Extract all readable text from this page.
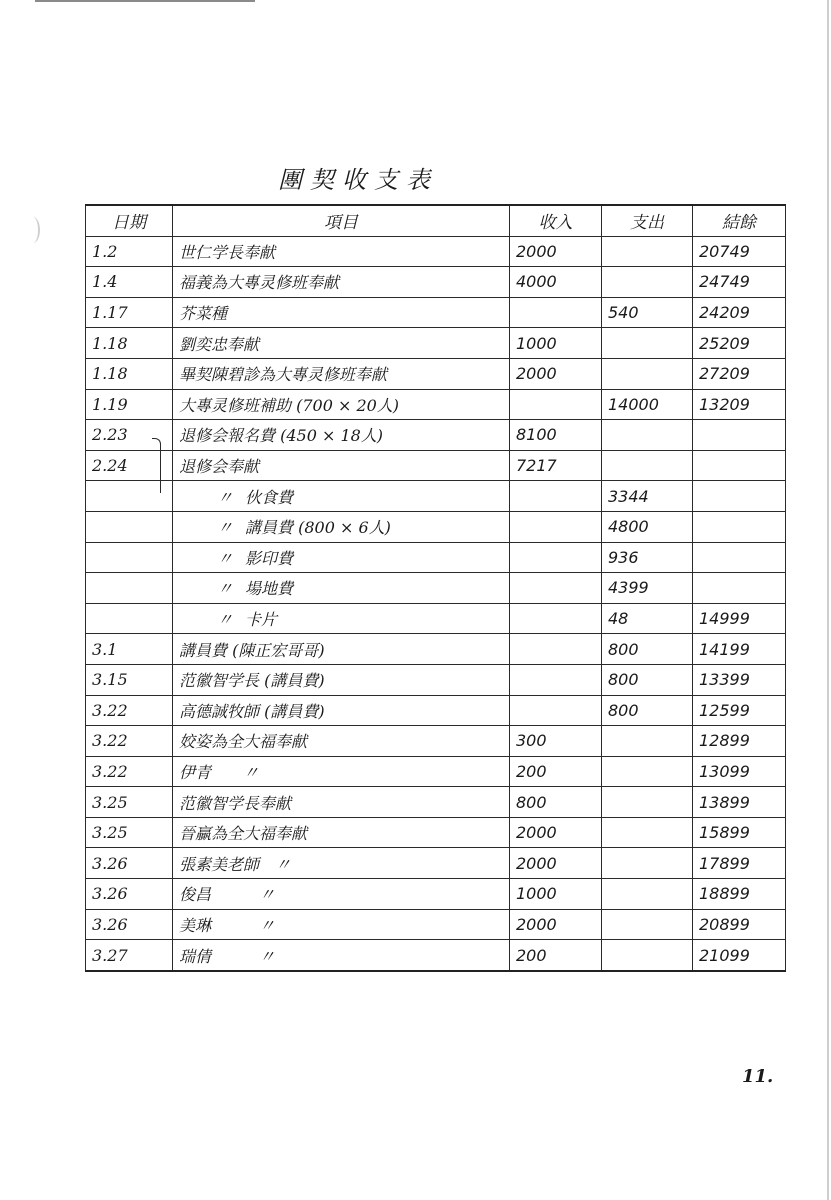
團契收支表
日期	項目	收入	支出	結餘
1.2	世仁学長奉献	2000		20749
1.4	福義為大專灵修班奉献	4000		24749
1.17	芥菜種		540	24209
1.18	劉奕忠奉献	1000		25209
1.18	畢契陳碧診為大專灵修班奉献	2000		27209
1.19	大專灵修班補助 (700 × 20人)		14000	13209
2.23	退修会報名費 (450 × 18人)	8100		
2.24	退修会奉献	7217		
	〃 伙食費		3344	
	〃 講員費 (800 × 6人)		4800	
	〃 影印費		936	
	〃 場地費		4399	
	〃 卡片		48	14999
3.1	講員費 (陳正宏哥哥)		800	14199
3.15	范徽智学長 (講員費)		800	13399
3.22	高德誠牧師 (講員費)		800	12599
3.22	姣姿為全大福奉献	300		12899
3.22	伊青　　〃	200		13099
3.25	范徽智学長奉献	800		13899
3.25	晉贏為全大福奉献	2000		15899
3.26	張素美老師　〃	2000		17899
3.26	俊昌　　　〃	1000		18899
3.26	美琳　　　〃	2000		20899
3.27	瑞倩　　　〃	200		21099
11.
